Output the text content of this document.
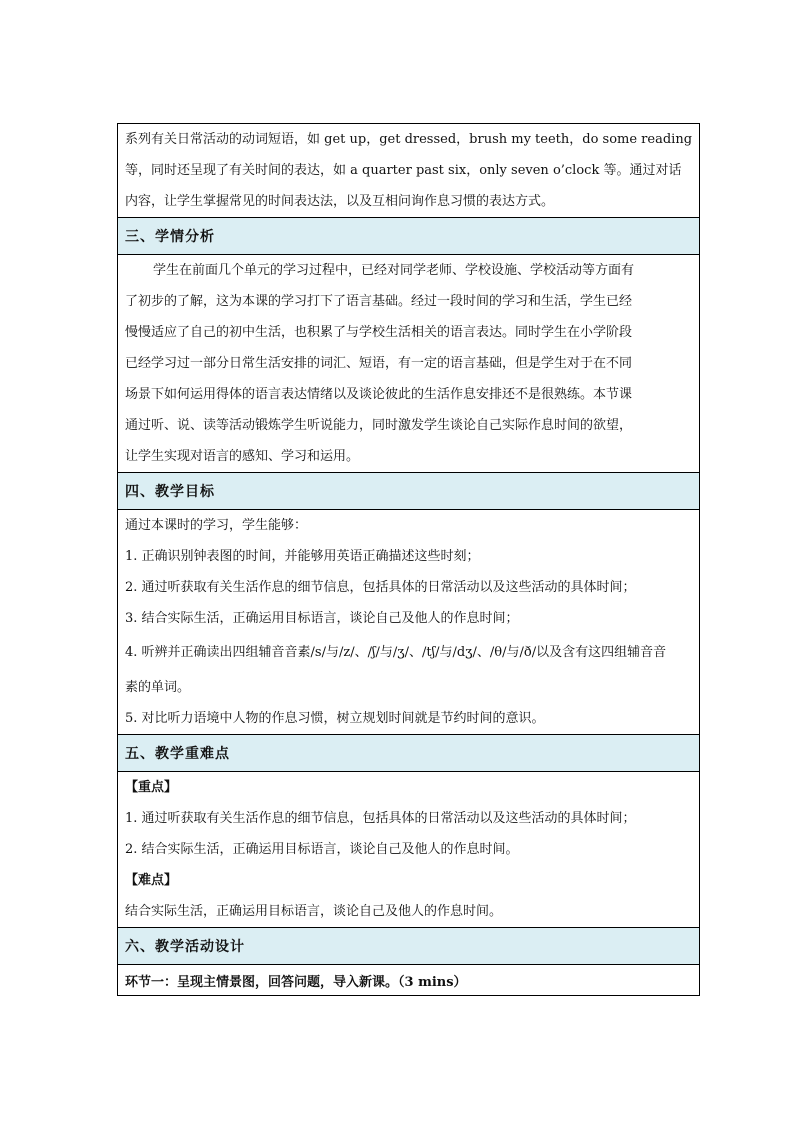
系列有关日常活动的动词短语，如 get up，get dressed，brush my teeth，do some reading
等，同时还呈现了有关时间的表达，如 a quarter past six，only seven o’clock 等。通过对话
内容，让学生掌握常见的时间表达法，以及互相问询作息习惯的表达方式。

三、学情分析

学生在前面几个单元的学习过程中，已经对同学老师、学校设施、学校活动等方面有
了初步的了解，这为本课的学习打下了语言基础。经过一段时间的学习和生活，学生已经
慢慢适应了自己的初中生活，也积累了与学校生活相关的语言表达。同时学生在小学阶段
已经学习过一部分日常生活安排的词汇、短语，有一定的语言基础，但是学生对于在不同
场景下如何运用得体的语言表达情绪以及谈论彼此的生活作息安排还不是很熟练。本节课
通过听、说、读等活动锻炼学生听说能力，同时激发学生谈论自己实际作息时间的欲望，
让学生实现对语言的感知、学习和运用。

四、教学目标

通过本课时的学习，学生能够：
1. 正确识别钟表图的时间，并能够用英语正确描述这些时刻；
2. 通过听获取有关生活作息的细节信息，包括具体的日常活动以及这些活动的具体时间；
3. 结合实际生活，正确运用目标语言，谈论自己及他人的作息时间；
4. 听辨并正确读出四组辅音音素/s/与/z/、/ʃ/与/ʒ/、/tʃ/与/dʒ/、/θ/与/ð/以及含有这四组辅音音
素的单词。
5. 对比听力语境中人物的作息习惯，树立规划时间就是节约时间的意识。

五、教学重难点

【重点】
1. 通过听获取有关生活作息的细节信息，包括具体的日常活动以及这些活动的具体时间；
2. 结合实际生活，正确运用目标语言，谈论自己及他人的作息时间。
【难点】
结合实际生活，正确运用目标语言，谈论自己及他人的作息时间。

六、教学活动设计
环节一：呈现主情景图，回答问题，导入新课。（3 mins）
